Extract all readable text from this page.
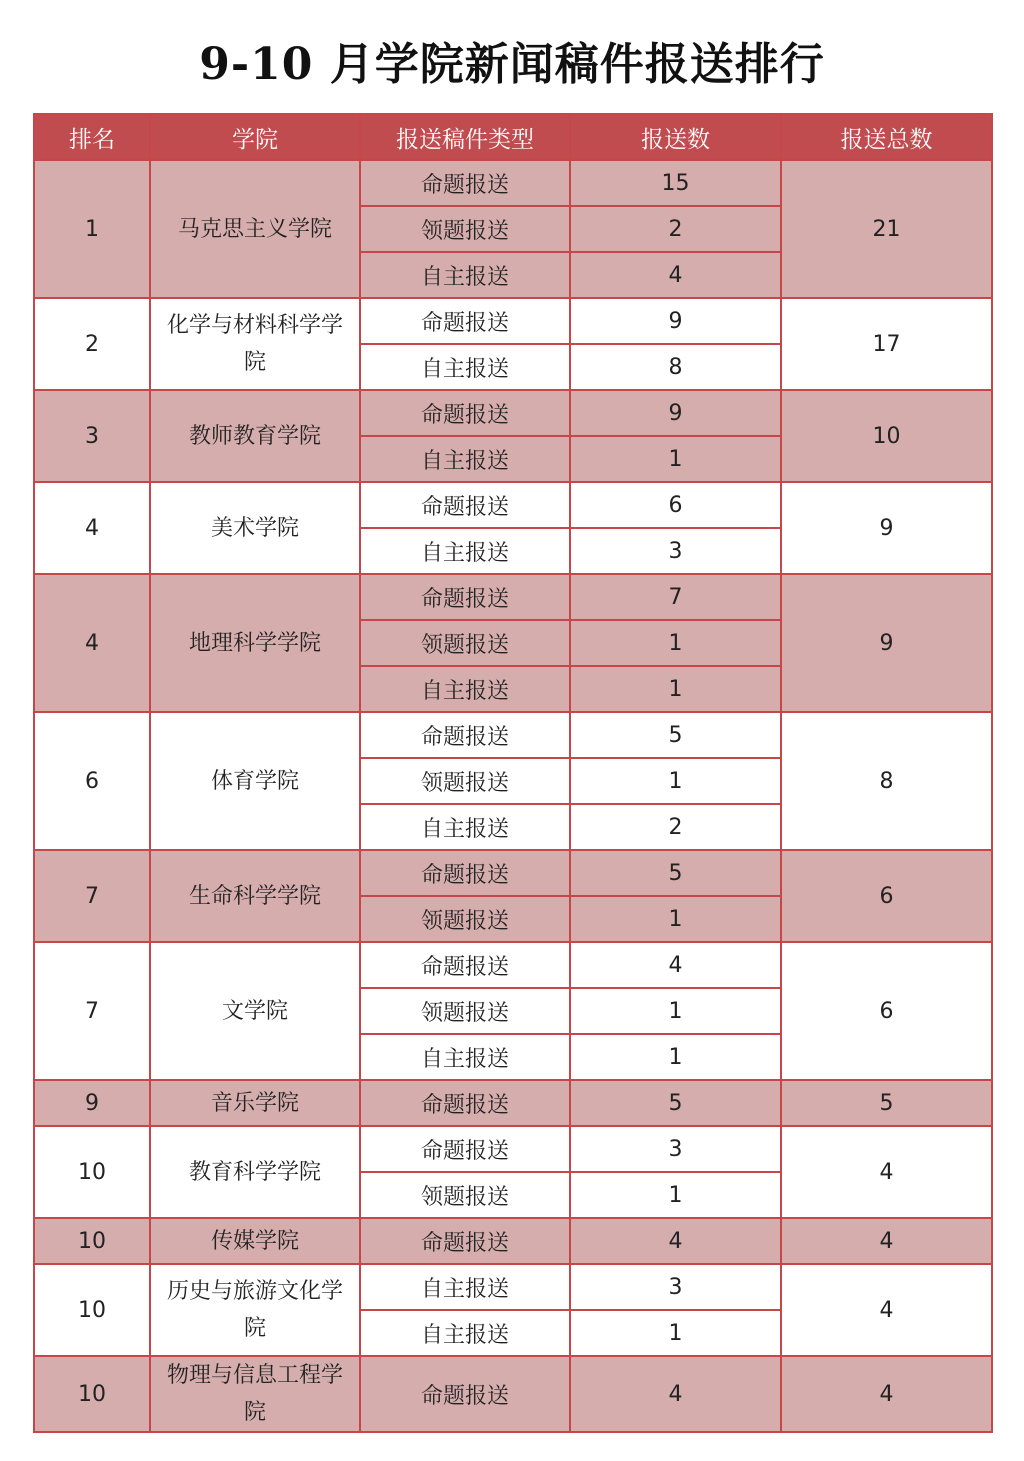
9-10 月学院新闻稿件报送排行
排名	学院	报送稿件类型	报送数	报送总数
1	马克思主义学院	命题报送	15	21
		领题报送	2	
		自主报送	4	
2	化学与材料科学学院	命题报送	9	17
		自主报送	8	
3	教师教育学院	命题报送	9	10
		自主报送	1	
4	美术学院	命题报送	6	9
		自主报送	3	
4	地理科学学院	命题报送	7	9
		领题报送	1	
		自主报送	1	
6	体育学院	命题报送	5	8
		领题报送	1	
		自主报送	2	
7	生命科学学院	命题报送	5	6
		领题报送	1	
7	文学院	命题报送	4	6
		领题报送	1	
		自主报送	1	
9	音乐学院	命题报送	5	5
10	教育科学学院	命题报送	3	4
		领题报送	1	
10	传媒学院	命题报送	4	4
10	历史与旅游文化学院	自主报送	3	4
		自主报送	1	
10	物理与信息工程学院	命题报送	4	4
